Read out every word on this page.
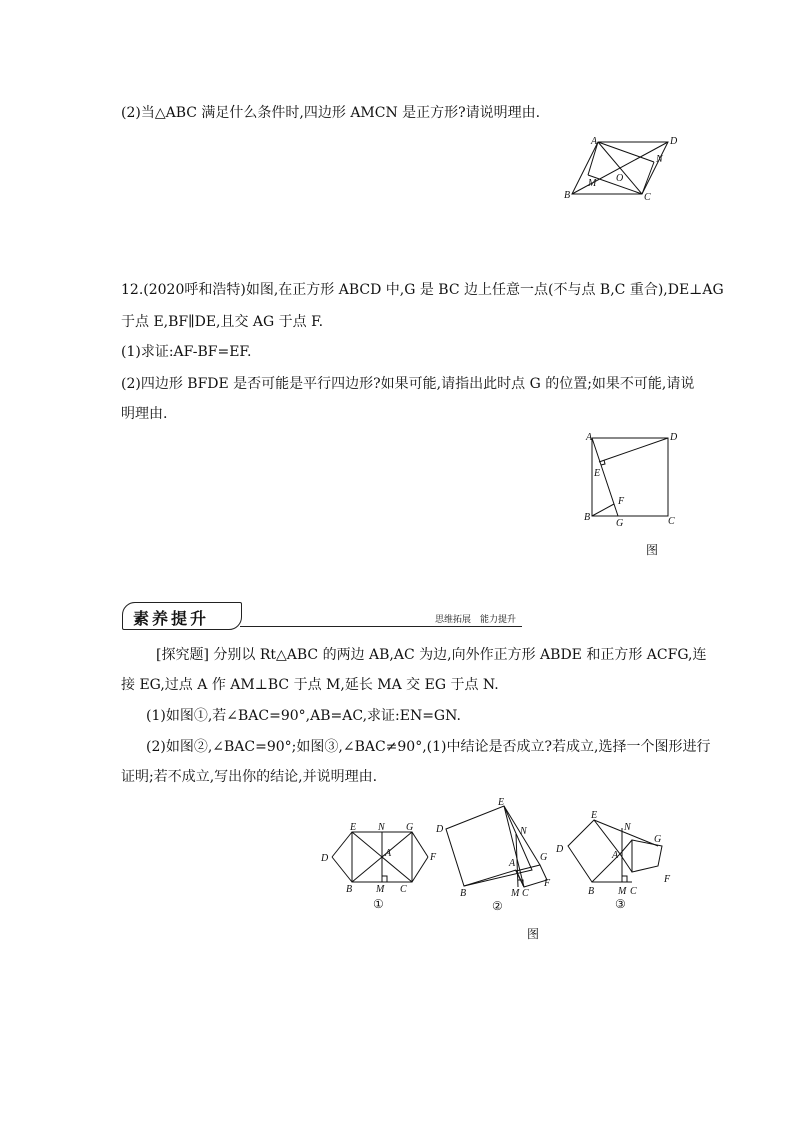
(2)当△ABC 满足什么条件时,四边形 AMCN 是正方形?请说明理由.
A	D
N
O
B
M
C
12.(2020呼和浩特)如图,在正方形 ABCD 中,G 是 BC 边上任意一点(不与点 B,C 重合),DE⊥AG
于点 E,BF∥DE,且交 AG 于点 F.
(1)求证:AF-BF=EF.
(2)四边形 BFDE 是否可能是平行四边形?如果可能,请指出此时点 G 的位置;如果不可能,请说
明理由.
A	D
E
F
B
G	C
图
素养提升	思维拓展　能力提升
[探究题] 分别以 Rt△ABC 的两边 AB,AC 为边,向外作正方形 ABDE 和正方形 ACFG,连
接 EG,过点 A 作 AM⊥BC 于点 M,延长 MA 交 EG 于点 N.
(1)如图①,若∠BAC=90°,AB=AC,求证:EN=GN.
(2)如图②,∠BAC=90°;如图③,∠BAC≠90°,(1)中结论是否成立?若成立,选择一个图形进行
证明;若不成立,写出你的结论,并说明理由.
E N G
D	A	F
B M C
①
E
D	N
A
G
F
B	M C
②
E
N
G
D
A
F
B M C
③
图
